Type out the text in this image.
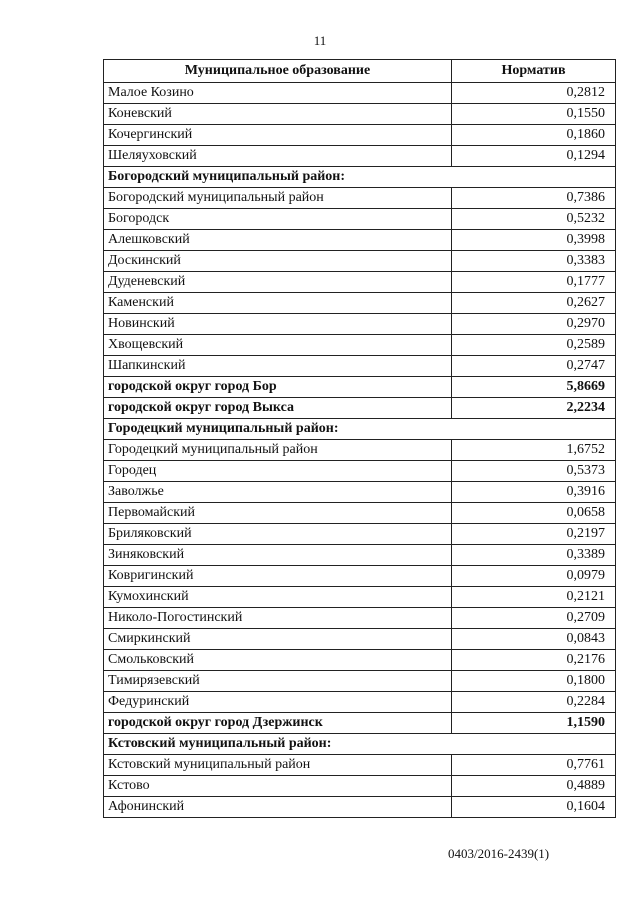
11
Муниципальное образование	Норматив
Малое Козино	0,2812
Коневский	0,1550
Кочергинский	0,1860
Шеляуховский	0,1294
Богородский муниципальный район:	
Богородский муниципальный район	0,7386
Богородск	0,5232
Алешковский	0,3998
Доскинский	0,3383
Дуденевский	0,1777
Каменский	0,2627
Новинский	0,2970
Хвощевский	0,2589
Шапкинский	0,2747
городской округ город Бор	5,8669
городской округ город Выкса	2,2234
Городецкий муниципальный район:	
Городецкий муниципальный район	1,6752
Городец	0,5373
Заволжье	0,3916
Первомайский	0,0658
Бриляковский	0,2197
Зиняковский	0,3389
Ковригинский	0,0979
Кумохинский	0,2121
Николо-Погостинский	0,2709
Смиркинский	0,0843
Смольковский	0,2176
Тимирязевский	0,1800
Федуринский	0,2284
городской округ город Дзержинск	1,1590
Кстовский муниципальный район:	
Кстовский муниципальный район	0,7761
Кстово	0,4889
Афонинский	0,1604
0403/2016-2439(1)
